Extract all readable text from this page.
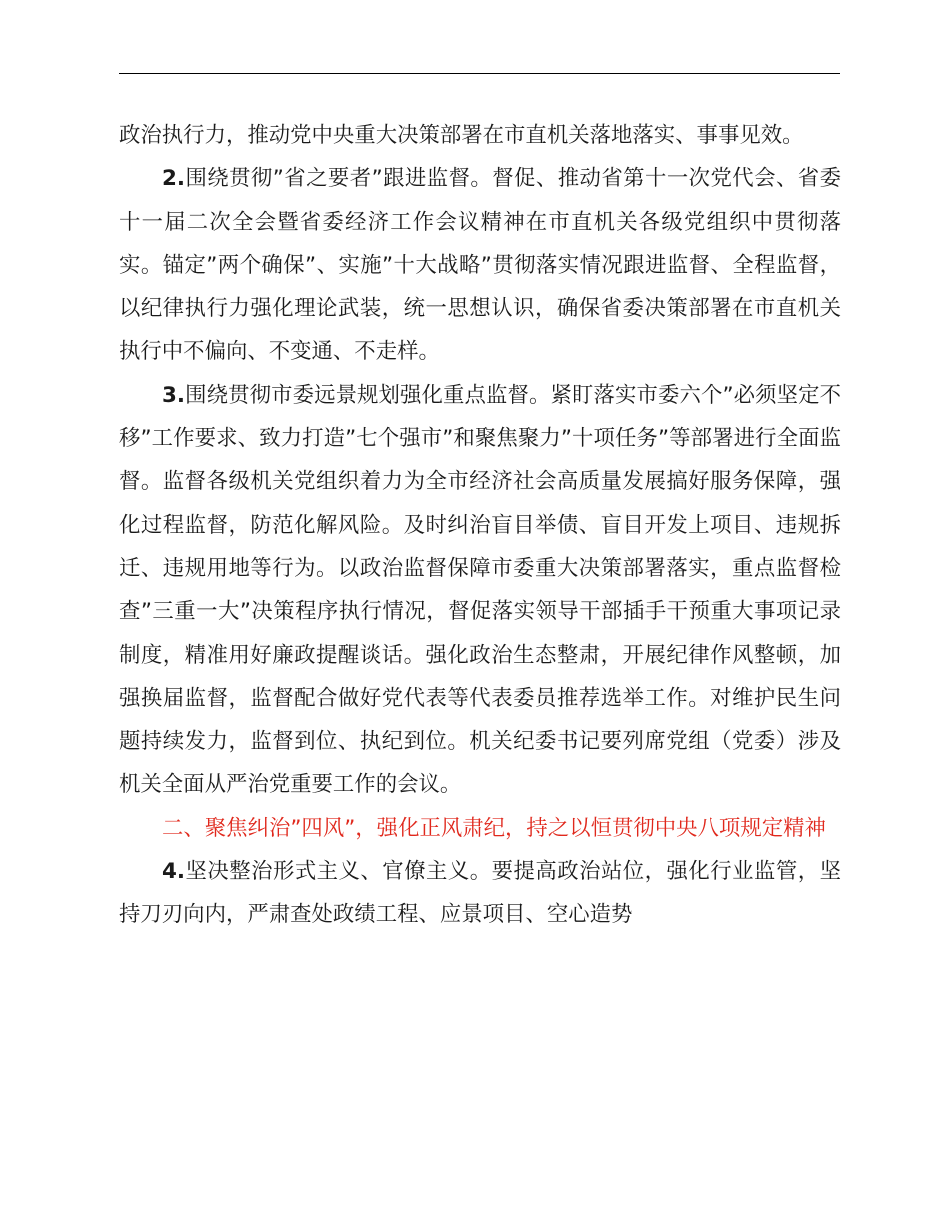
政治执行力，推动党中央重大决策部署在市直机关落地落实、事事见效。

2.围绕贯彻”省之要者”跟进监督。督促、推动省第十一次党代会、省委十一届二次全会暨省委经济工作会议精神在市直机关各级党组织中贯彻落实。锚定”两个确保”、实施”十大战略”贯彻落实情况跟进监督、全程监督，以纪律执行力强化理论武装，统一思想认识，确保省委决策部署在市直机关执行中不偏向、不变通、不走样。

3.围绕贯彻市委远景规划强化重点监督。紧盯落实市委六个”必须坚定不移”工作要求、致力打造”七个强市”和聚焦聚力”十项任务”等部署进行全面监督。监督各级机关党组织着力为全市经济社会高质量发展搞好服务保障，强化过程监督，防范化解风险。及时纠治盲目举债、盲目开发上项目、违规拆迁、违规用地等行为。以政治监督保障市委重大决策部署落实，重点监督检查”三重一大”决策程序执行情况，督促落实领导干部插手干预重大事项记录制度，精准用好廉政提醒谈话。强化政治生态整肃，开展纪律作风整顿，加强换届监督，监督配合做好党代表等代表委员推荐选举工作。对维护民生问题持续发力，监督到位、执纪到位。机关纪委书记要列席党组（党委）涉及机关全面从严治党重要工作的会议。

二、聚焦纠治”四风”，强化正风肃纪，持之以恒贯彻中央八项规定精神

4.坚决整治形式主义、官僚主义。要提高政治站位，强化行业监管，坚持刀刃向内，严肃查处政绩工程、应景项目、空心造势
